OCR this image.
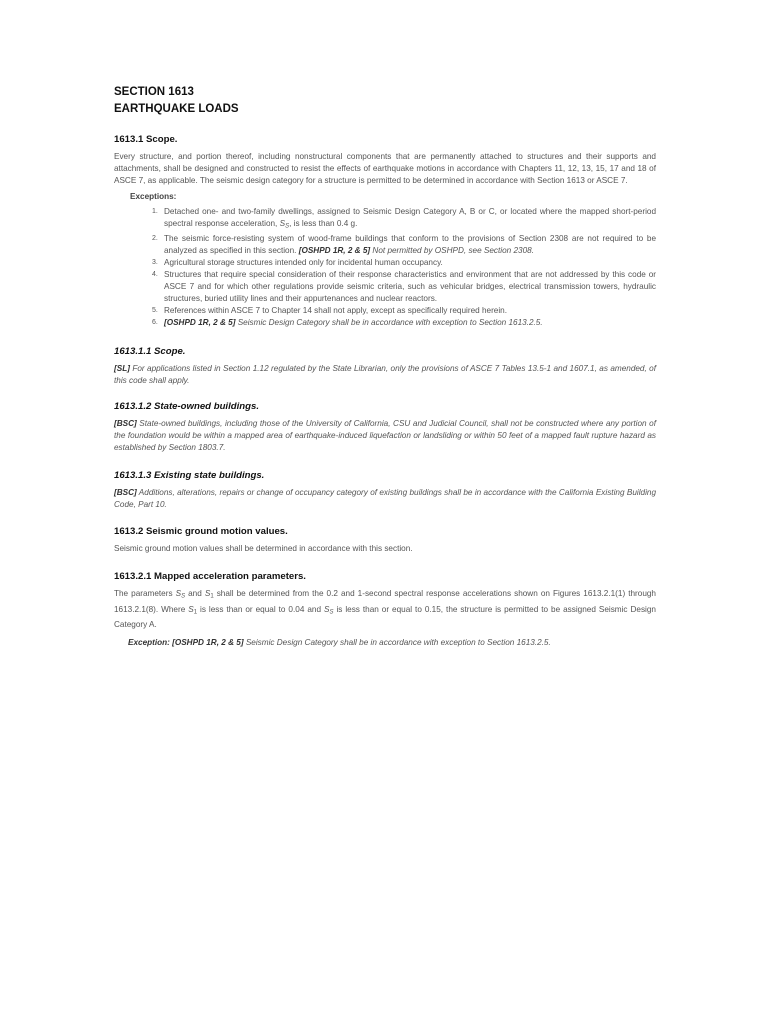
SECTION 1613
EARTHQUAKE LOADS
1613.1 Scope.
Every structure, and portion thereof, including nonstructural components that are permanently attached to structures and their supports and attachments, shall be designed and constructed to resist the effects of earthquake motions in accordance with Chapters 11, 12, 13, 15, 17 and 18 of ASCE 7, as applicable. The seismic design category for a structure is permitted to be determined in accordance with Section 1613 or ASCE 7.
Exceptions:
1. Detached one- and two-family dwellings, assigned to Seismic Design Category A, B or C, or located where the mapped short-period spectral response acceleration, $S_S$, is less than 0.4 g.
2. The seismic force-resisting system of wood-frame buildings that conform to the provisions of Section 2308 are not required to be analyzed as specified in this section. [OSHPD 1R, 2 & 5] Not permitted by OSHPD, see Section 2308.
3. Agricultural storage structures intended only for incidental human occupancy.
4. Structures that require special consideration of their response characteristics and environment that are not addressed by this code or ASCE 7 and for which other regulations provide seismic criteria, such as vehicular bridges, electrical transmission towers, hydraulic structures, buried utility lines and their appurtenances and nuclear reactors.
5. References within ASCE 7 to Chapter 14 shall not apply, except as specifically required herein.
6. [OSHPD 1R, 2 & 5] Seismic Design Category shall be in accordance with exception to Section 1613.2.5.
1613.1.1 Scope.
[SL] For applications listed in Section 1.12 regulated by the State Librarian, only the provisions of ASCE 7 Tables 13.5-1 and 1607.1, as amended, of this code shall apply.
1613.1.2 State-owned buildings.
[BSC] State-owned buildings, including those of the University of California, CSU and Judicial Council, shall not be constructed where any portion of the foundation would be within a mapped area of earthquake-induced liquefaction or landsliding or within 50 feet of a mapped fault rupture hazard as established by Section 1803.7.
1613.1.3 Existing state buildings.
[BSC] Additions, alterations, repairs or change of occupancy category of existing buildings shall be in accordance with the California Existing Building Code, Part 10.
1613.2 Seismic ground motion values.
Seismic ground motion values shall be determined in accordance with this section.
1613.2.1 Mapped acceleration parameters.
The parameters $S_S$ and $S_1$ shall be determined from the 0.2 and 1-second spectral response accelerations shown on Figures 1613.2.1(1) through 1613.2.1(8). Where $S_1$ is less than or equal to 0.04 and $S_S$ is less than or equal to 0.15, the structure is permitted to be assigned Seismic Design Category A.
Exception: [OSHPD 1R, 2 & 5] Seismic Design Category shall be in accordance with exception to Section 1613.2.5.
